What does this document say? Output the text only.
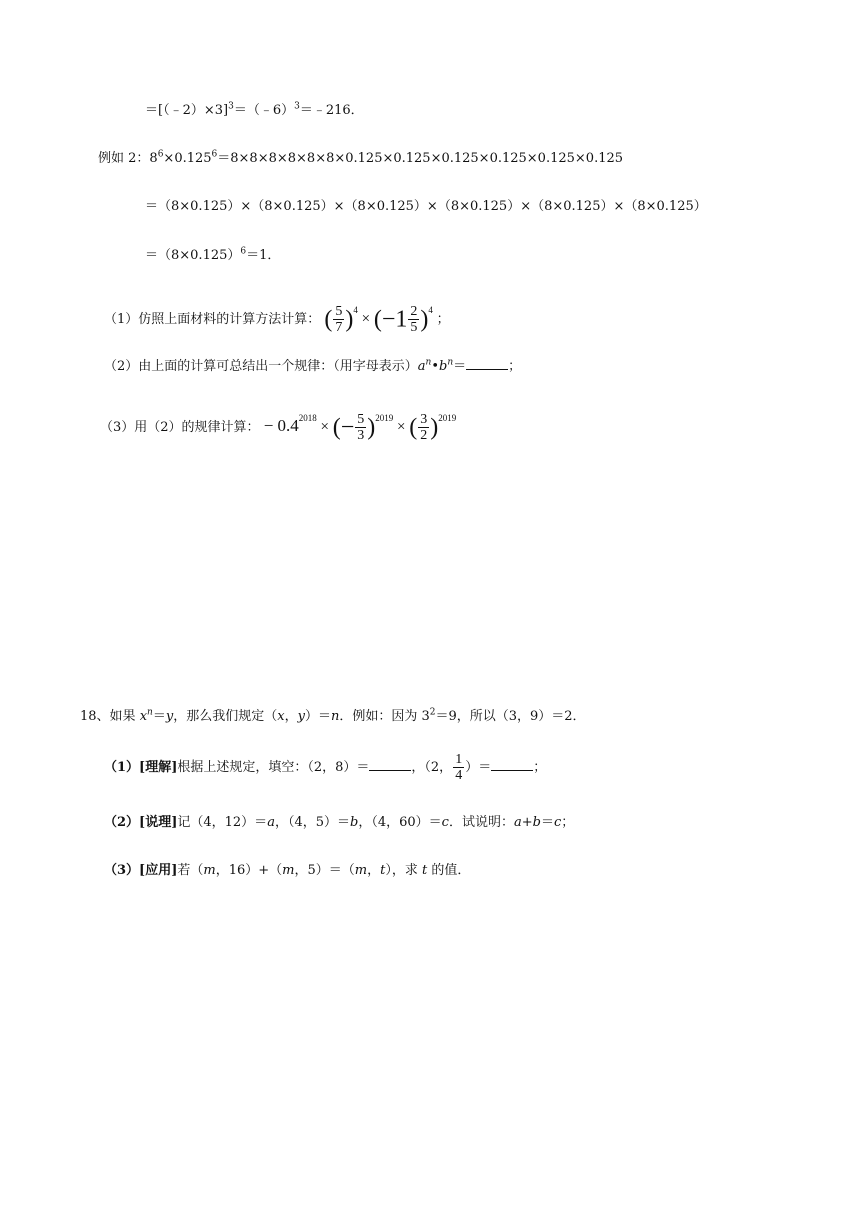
＝[（﹣2）×3]$^3$＝（﹣6）$^3$＝﹣216．
例如 2：$8^6\times 0.125^6=8\times 8\times 8\times 8\times 8\times 8\times 0.125\times 0.125\times 0.125\times 0.125\times 0.125\times 0.125$
＝（8×0.125）×（8×0.125）×（8×0.125）×（8×0.125）×（8×0.125）×（8×0.125）
$=(8\times 0.125)^6=1$．
（1）仿照上面材料的计算方法计算： ( $\frac{5}{7} )^4 \times (-1 \frac{2}{5} )^4$ ；
（2）由上面的计算可总结出一个规律：（用字母表示）$a^n•b^n=$	；
（3）用（2）的规律计算： − $0.4^{2018}$ × (− $\frac{5}{3} )^{2019}$ × ( $\frac{3}{2} )^{2019}$
18、如果 $x^n=y$，那么我们规定（x，y）＝n．例如：因为 $3^2=9$，所以（3，9）＝2．
（1）[理解]根据上述规定，填空：（2，8）＝	，（2， $\frac{1}{4}$ ）＝	；
（2）[说理]记（4，12）＝a，（4，5）＝b，（4，60）＝c．试说明：a+b＝c；
（3）[应用]若（m，16）+（m，5）＝（m，t），求 t 的值．
